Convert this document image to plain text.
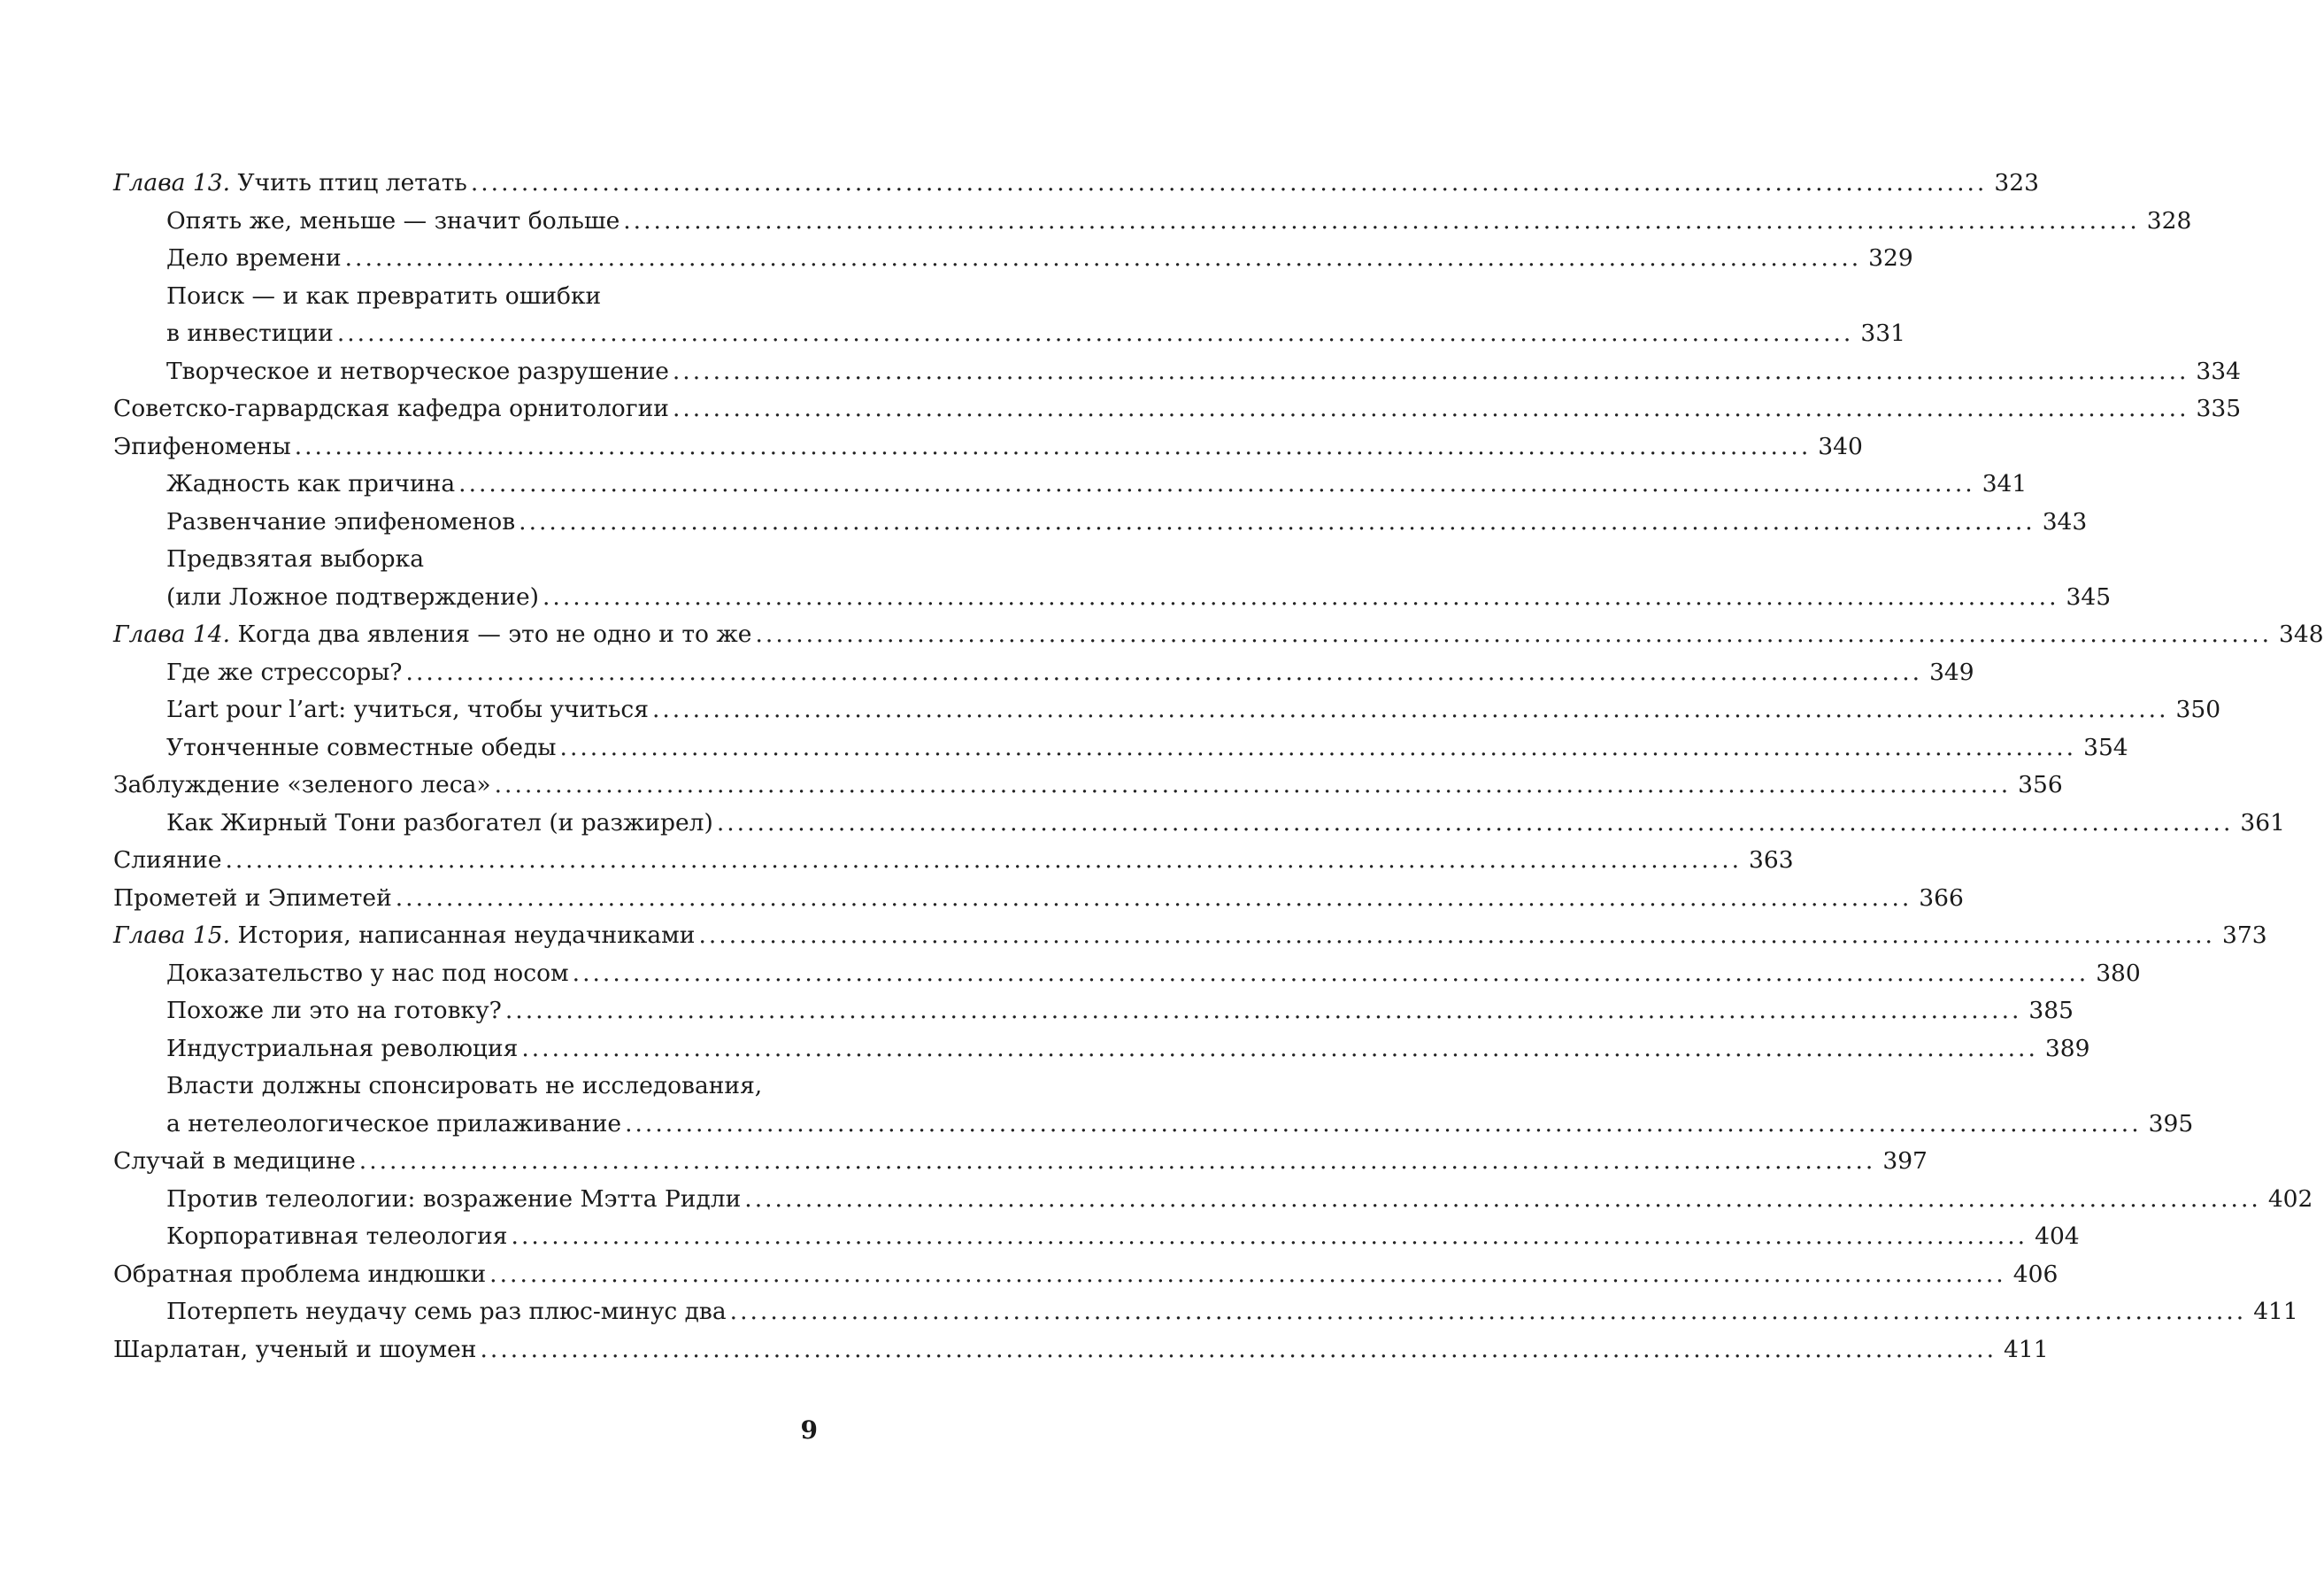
Глава 13. Учить птиц летать .....	323
Опять же, меньше — значит больше .....	328
Дело времени .....	329
Поиск — и как превратить ошибки
в инвестиции .....	331
Творческое и нетворческое разрушение .....	334
Советско-гарвардская кафедра орнитологии .....	335
Эпифеномены .....	340
Жадность как причина .....	341
Развенчание эпифеноменов .....	343
Предвзятая выборка
(или Ложное подтверждение) .....	345
Глава 14. Когда два явления — это не одно и то же .....	348
Где же стрессоры? .....	349
L’art pour l’art: учиться, чтобы учиться .....	350
Утонченные совместные обеды .....	354
Заблуждение «зеленого леса» .....	356
Как Жирный Тони разбогател (и разжирел) .....	361
Слияние .....	363
Прометей и Эпиметей .....	366
Глава 15. История, написанная неудачниками .....	373
Доказательство у нас под носом .....	380
Похоже ли это на готовку? .....	385
Индустриальная революция .....	389
Власти должны спонсировать не исследования,
а нетелеологическое прилаживание .....	395
Случай в медицине .....	397
Против телеологии: возражение Мэтта Ридли .....	402
Корпоративная телеология .....	404
Обратная проблема индюшки .....	406
Потерпеть неудачу семь раз плюс-минус два .....	411
Шарлатан, ученый и шоумен .....	411
9
